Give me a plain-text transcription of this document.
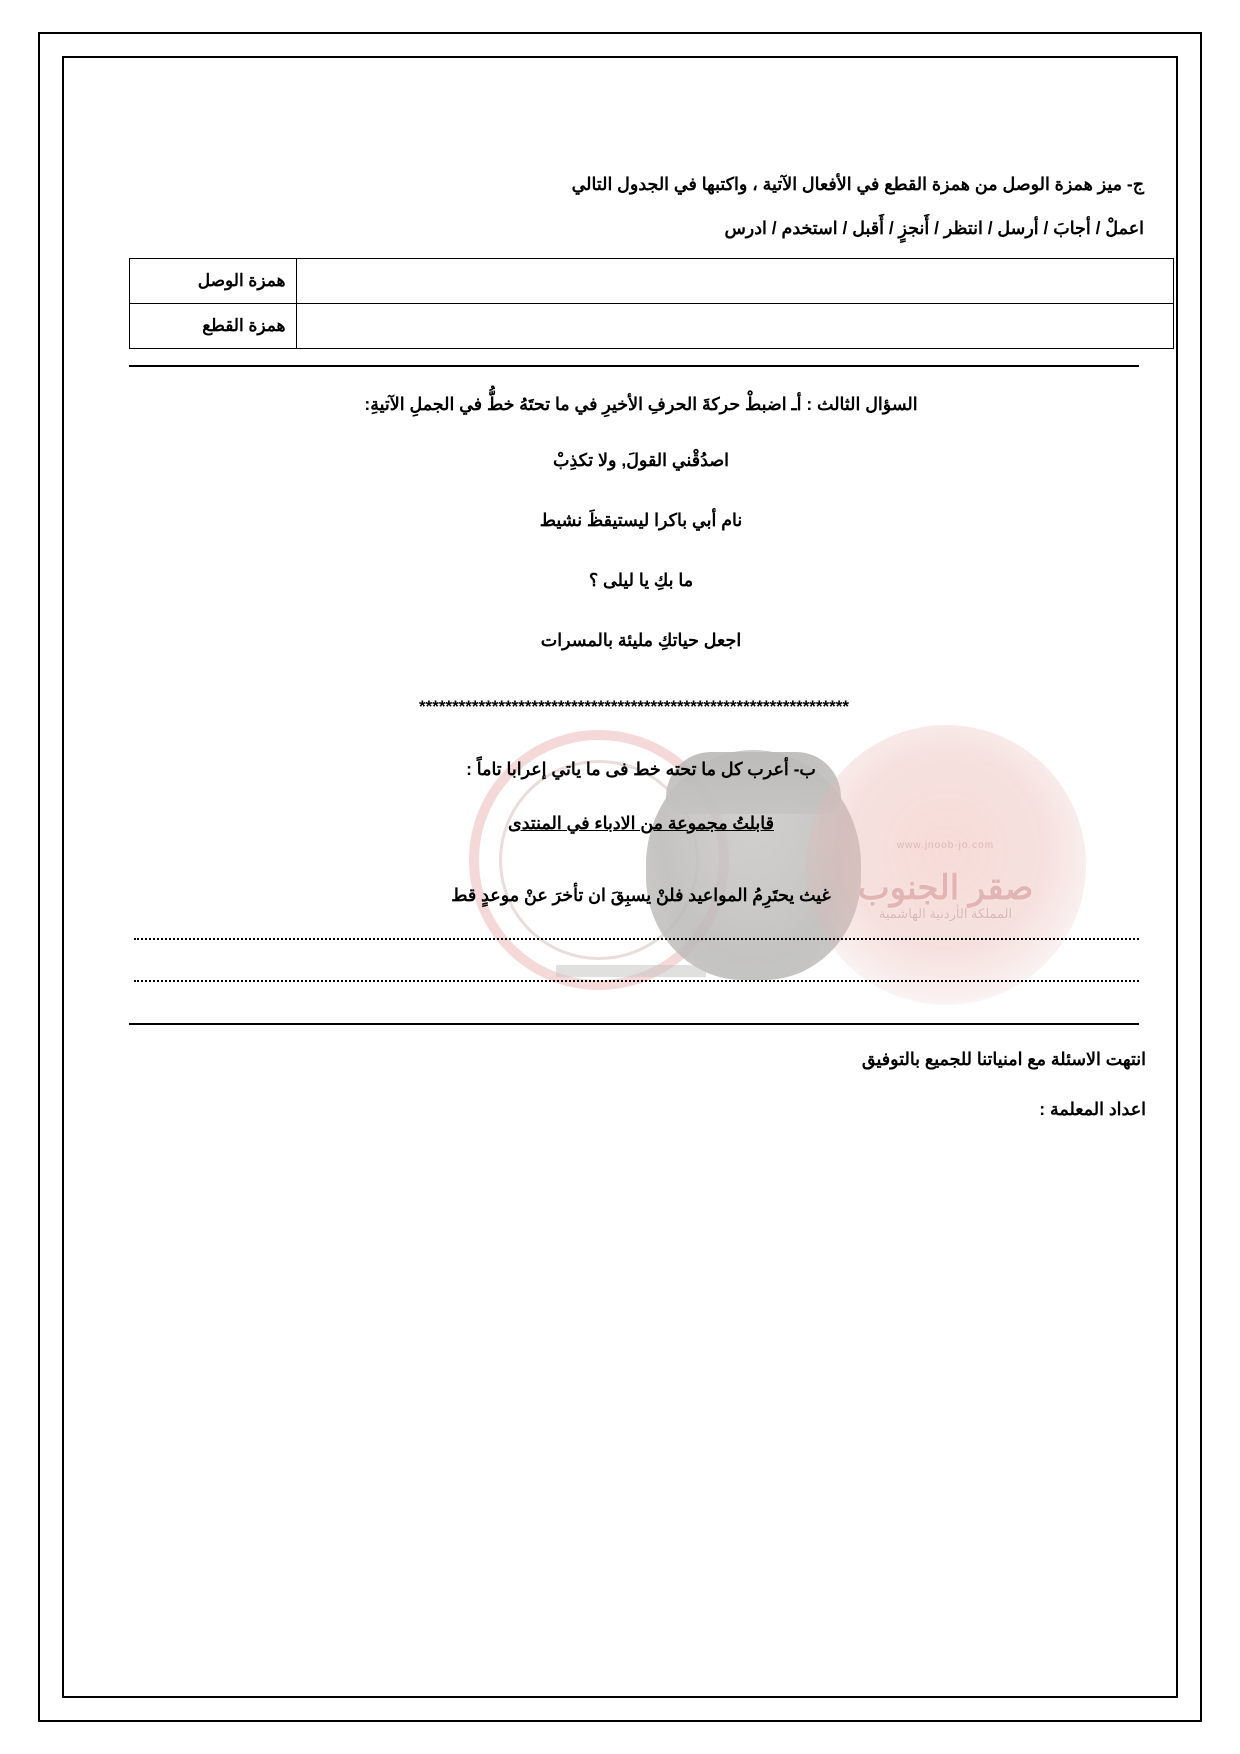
www.jnoob-jo.com
صقر الجنوب
المملكة الأردنية الهاشمية
ج- ميز همزة الوصل من همزة القطع في الأفعال الآتية ، واكتبها في الجدول التالي
اعملْ / أجابَ / أرسل / انتظر / أَنجزٍ / أَقبل / استخدم / ادرس
	همزة الوصل
	همزة القطع
السؤال الثالث : أـ اضبطْ حركةَ الحرفِ الأخيرِ في ما تحتَهُ خطُّ في الجملِ الآتيةِ:
اصدُقْني القولَ, ولا تكذِبْ
نام أبي باكرا ليستيقظَ نشيط
ما بكِ يا ليلى ؟
اجعل حياتكِ مليئة بالمسرات
*****************************************************************
ب- أعرب كل ما تحته خط فى ما ياتي إعرابا تاماً :
قابلتُ مجموعة من الادباء في المنتدى
غيث يحتَرِمُ المواعيد فلنْ يسبِقَ ان تأخرَ عنْ موعدٍ قط
انتهت الاسئلة مع امنياتنا للجميع بالتوفيق
اعداد المعلمة :
